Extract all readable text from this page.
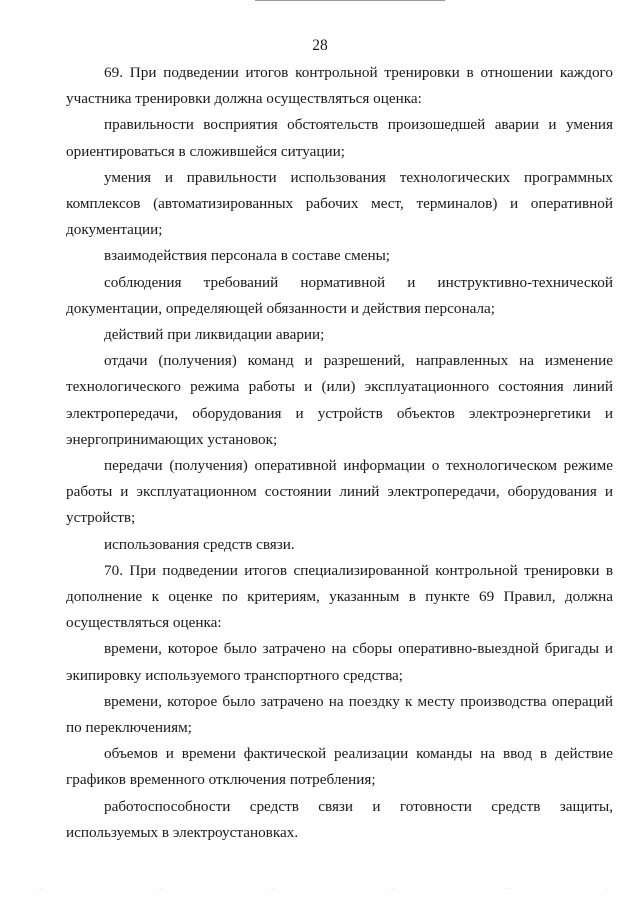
28

69. При подведении итогов контрольной тренировки в отношении каждого участника тренировки должна осуществляться оценка:

правильности восприятия обстоятельств произошедшей аварии и умения ориентироваться в сложившейся ситуации;

умения и правильности использования технологических программных комплексов (автоматизированных рабочих мест, терминалов) и оперативной документации;

взаимодействия персонала в составе смены;

соблюдения требований нормативной и инструктивно-технической документации, определяющей обязанности и действия персонала;

действий при ликвидации аварии;

отдачи (получения) команд и разрешений, направленных на изменение технологического режима работы и (или) эксплуатационного состояния линий электропередачи, оборудования и устройств объектов электроэнергетики и энергопринимающих установок;

передачи (получения) оперативной информации о технологическом режиме работы и эксплуатационном состоянии линий электропередачи, оборудования и устройств;

использования средств связи.

70. При подведении итогов специализированной контрольной тренировки в дополнение к оценке по критериям, указанным в пункте 69 Правил, должна осуществляться оценка:

времени, которое было затрачено на сборы оперативно-выездной бригады и экипировку используемого транспортного средства;

времени, которое было затрачено на поездку к месту производства операций по переключениям;

объемов и времени фактической реализации команды на ввод в действие графиков временного отключения потребления;

работоспособности средств связи и готовности средств защиты, используемых в электроустановках.

· ·	· ·	· ·	· ·	· ·	·
